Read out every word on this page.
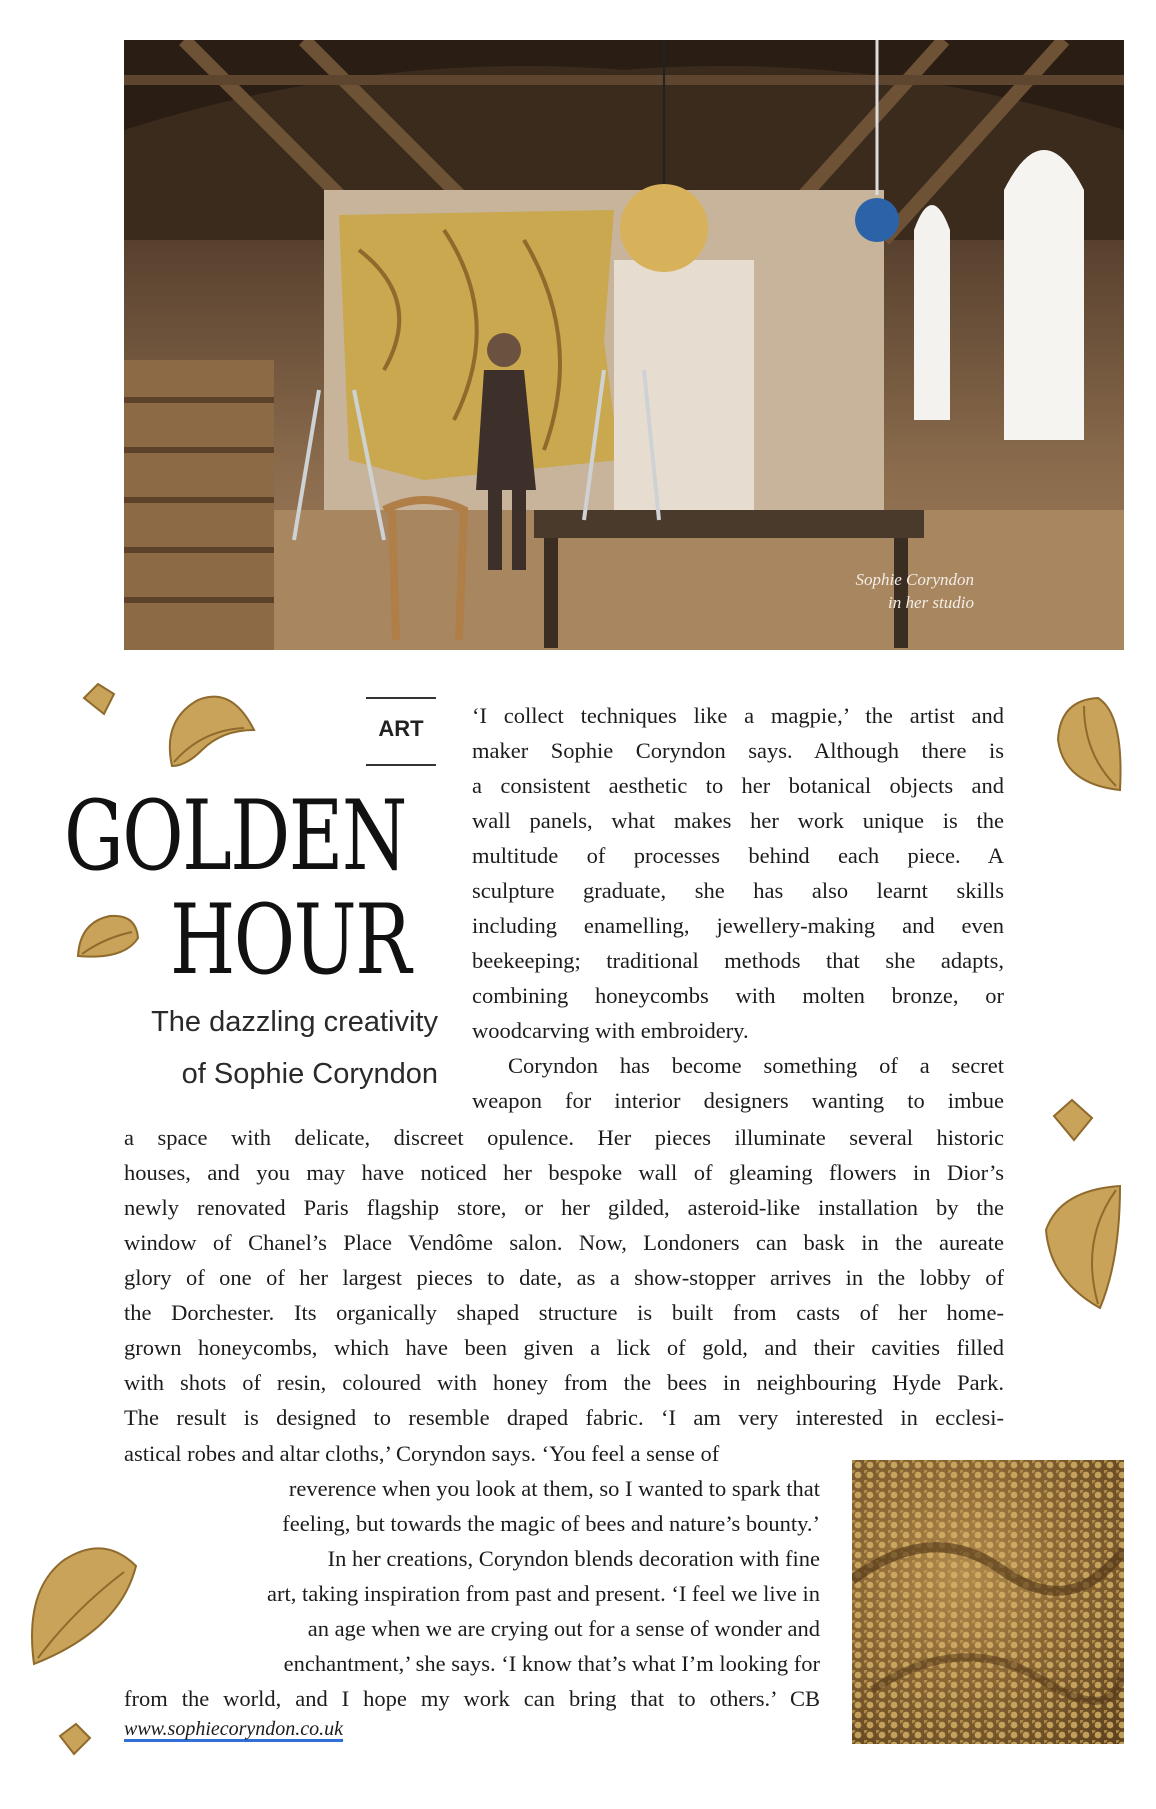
Sophie Coryndon
in her studio
ART
GOLDEN
HOUR
The dazzling creativity
of Sophie Coryndon
‘I collect techniques like a magpie,’ the artist and
maker Sophie Coryndon says. Although there is
a consistent aesthetic to her botanical objects and
wall panels, what makes her work unique is the
multitude of processes behind each piece. A
sculpture graduate, she has also learnt skills
including enamelling, jewellery-making and even
beekeeping; traditional methods that she adapts,
combining honeycombs with molten bronze, or
woodcarving with embroidery.
Coryndon has become something of a secret
weapon for interior designers wanting to imbue
a space with delicate, discreet opulence. Her pieces illuminate several historic
houses, and you may have noticed her bespoke wall of gleaming flowers in Dior’s
newly renovated Paris flagship store, or her gilded, asteroid-like installation by the
window of Chanel’s Place Vendôme salon. Now, Londoners can bask in the aureate
glory of one of her largest pieces to date, as a show-stopper arrives in the lobby of
the Dorchester. Its organically shaped structure is built from casts of her home-
grown honeycombs, which have been given a lick of gold, and their cavities filled
with shots of resin, coloured with honey from the bees in neighbouring Hyde Park.
The result is designed to resemble draped fabric. ‘I am very interested in ecclesi-
astical robes and altar cloths,’ Coryndon says. ‘You feel a sense of
reverence when you look at them, so I wanted to spark that
feeling, but towards the magic of bees and nature’s bounty.’
In her creations, Coryndon blends decoration with fine
art, taking inspiration from past and present. ‘I feel we live in
an age when we are crying out for a sense of wonder and
enchantment,’ she says. ‘I know that’s what I’m looking for
from the world, and I hope my work can bring that to others.’ CB
www.sophiecoryndon.co.uk
